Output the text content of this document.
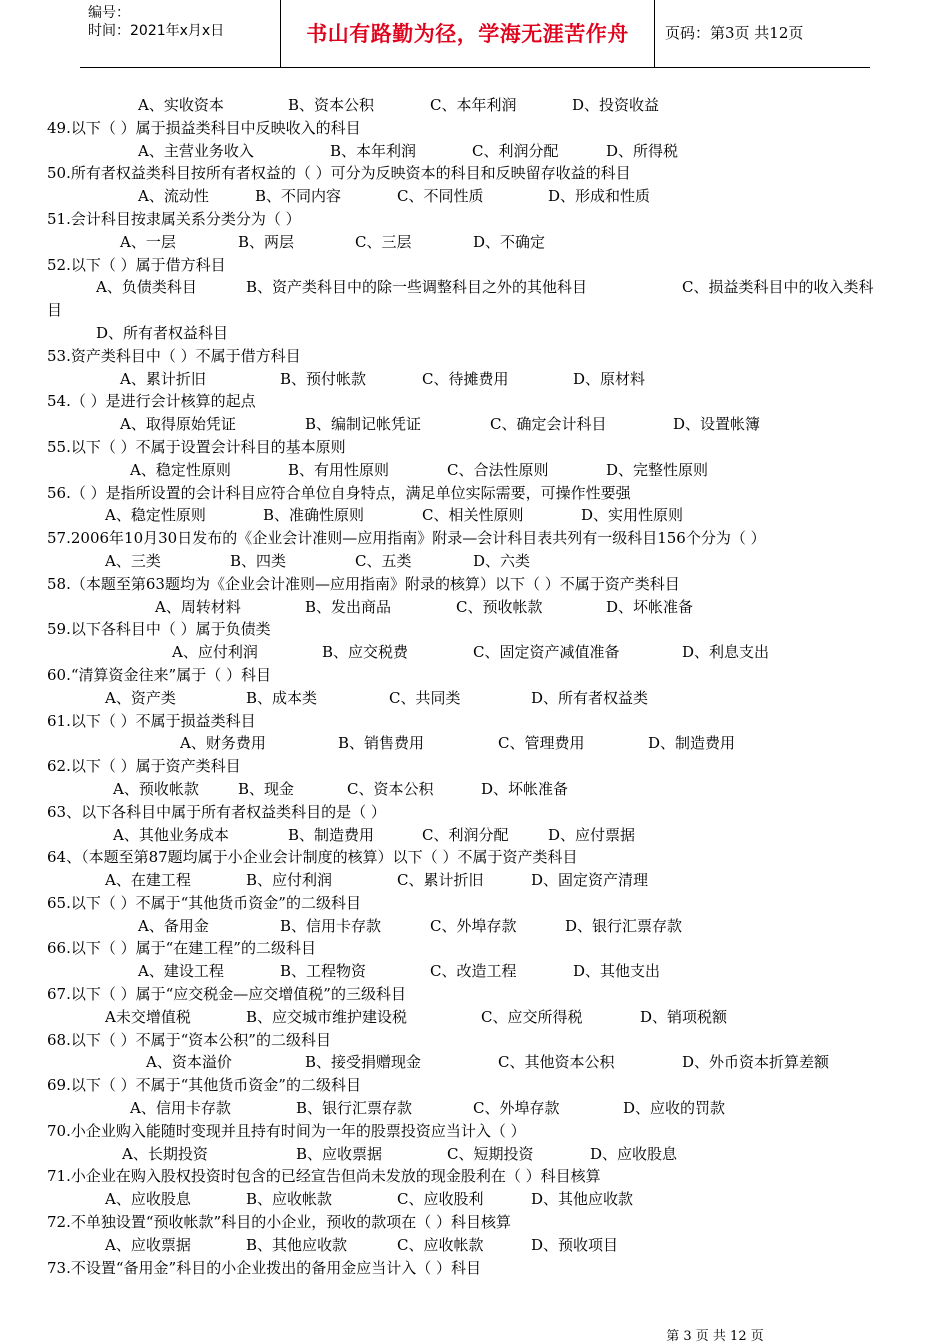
编号：
时间：2021年x月x日	书山有路勤为径，学海无涯苦作舟	页码：第3页 共12页
A、实收资本	B、资本公积	C、本年利润	D、投资收益
49.以下（ ）属于损益类科目中反映收入的科目
A、主营业务收入	B、本年利润	C、利润分配	D、所得税
50.所有者权益类科目按所有者权益的（ ）可分为反映资本的科目和反映留存收益的科目
A、流动性	B、不同内容	C、不同性质	D、形成和性质
51.会计科目按隶属关系分类分为（ ）
A、一层	B、两层	C、三层	D、不确定
52.以下（ ）属于借方科目
A、负债类科目	B、资产类科目中的除一些调整科目之外的其他科目	C、损益类科目中的收入类科
目
D、所有者权益科目
53.资产类科目中（ ）不属于借方科目
A、累计折旧	B、预付帐款	C、待摊费用	D、原材料
54.（ ）是进行会计核算的起点
A、取得原始凭证	B、编制记帐凭证	C、确定会计科目	D、设置帐簿
55.以下（ ）不属于设置会计科目的基本原则
A、稳定性原则	B、有用性原则	C、合法性原则	D、完整性原则
56.（ ）是指所设置的会计科目应符合单位自身特点，满足单位实际需要，可操作性要强
A、稳定性原则	B、准确性原则	C、相关性原则	D、实用性原则
57.2006年10月30日发布的《企业会计准则—应用指南》附录—会计科目表共列有一级科目156个分为（ ）
A、三类	B、四类	C、五类	D、六类
58.（本题至第63题均为《企业会计准则—应用指南》附录的核算）以下（ ）不属于资产类科目
A、周转材料	B、发出商品	C、预收帐款	D、坏帐准备
59.以下各科目中（ ）属于负债类
A、应付利润	B、应交税费	C、固定资产减值准备	D、利息支出
60.“清算资金往来”属于（ ）科目
A、资产类	B、成本类	C、共同类	D、所有者权益类
61.以下（ ）不属于损益类科目
A、财务费用	B、销售费用	C、管理费用	D、制造费用
62.以下（ ）属于资产类科目
A、预收帐款	B、现金	C、资本公积	D、坏帐准备
63、以下各科目中属于所有者权益类科目的是（ ）
A、其他业务成本	B、制造费用	C、利润分配	D、应付票据
64、（本题至第87题均属于小企业会计制度的核算）以下（ ）不属于资产类科目
A、在建工程	B、应付利润	C、累计折旧	D、固定资产清理
65.以下（ ）不属于“其他货币资金”的二级科目
A、备用金	B、信用卡存款	C、外埠存款	D、银行汇票存款
66.以下（ ）属于“在建工程”的二级科目
A、建设工程	B、工程物资	C、改造工程	D、其他支出
67.以下（ ）属于“应交税金—应交增值税”的三级科目
A未交增值税	B、应交城市维护建设税	C、应交所得税	D、销项税额
68.以下（ ）不属于“资本公积”的二级科目
A、资本溢价	B、接受捐赠现金	C、其他资本公积	D、外币资本折算差额
69.以下（ ）不属于“其他货币资金”的二级科目
A、信用卡存款	B、银行汇票存款	C、外埠存款	D、应收的罚款
70.小企业购入能随时变现并且持有时间为一年的股票投资应当计入（ ）
A、长期投资	B、应收票据	C、短期投资	D、应收股息
71.小企业在购入股权投资时包含的已经宣告但尚未发放的现金股利在（ ）科目核算
A、应收股息	B、应收帐款	C、应收股利	D、其他应收款
72.不单独设置“预收帐款”科目的小企业，预收的款项在（ ）科目核算
A、应收票据	B、其他应收款	C、应收帐款	D、预收项目
73.不设置“备用金”科目的小企业拨出的备用金应当计入（ ）科目
第 3 页 共 12 页
